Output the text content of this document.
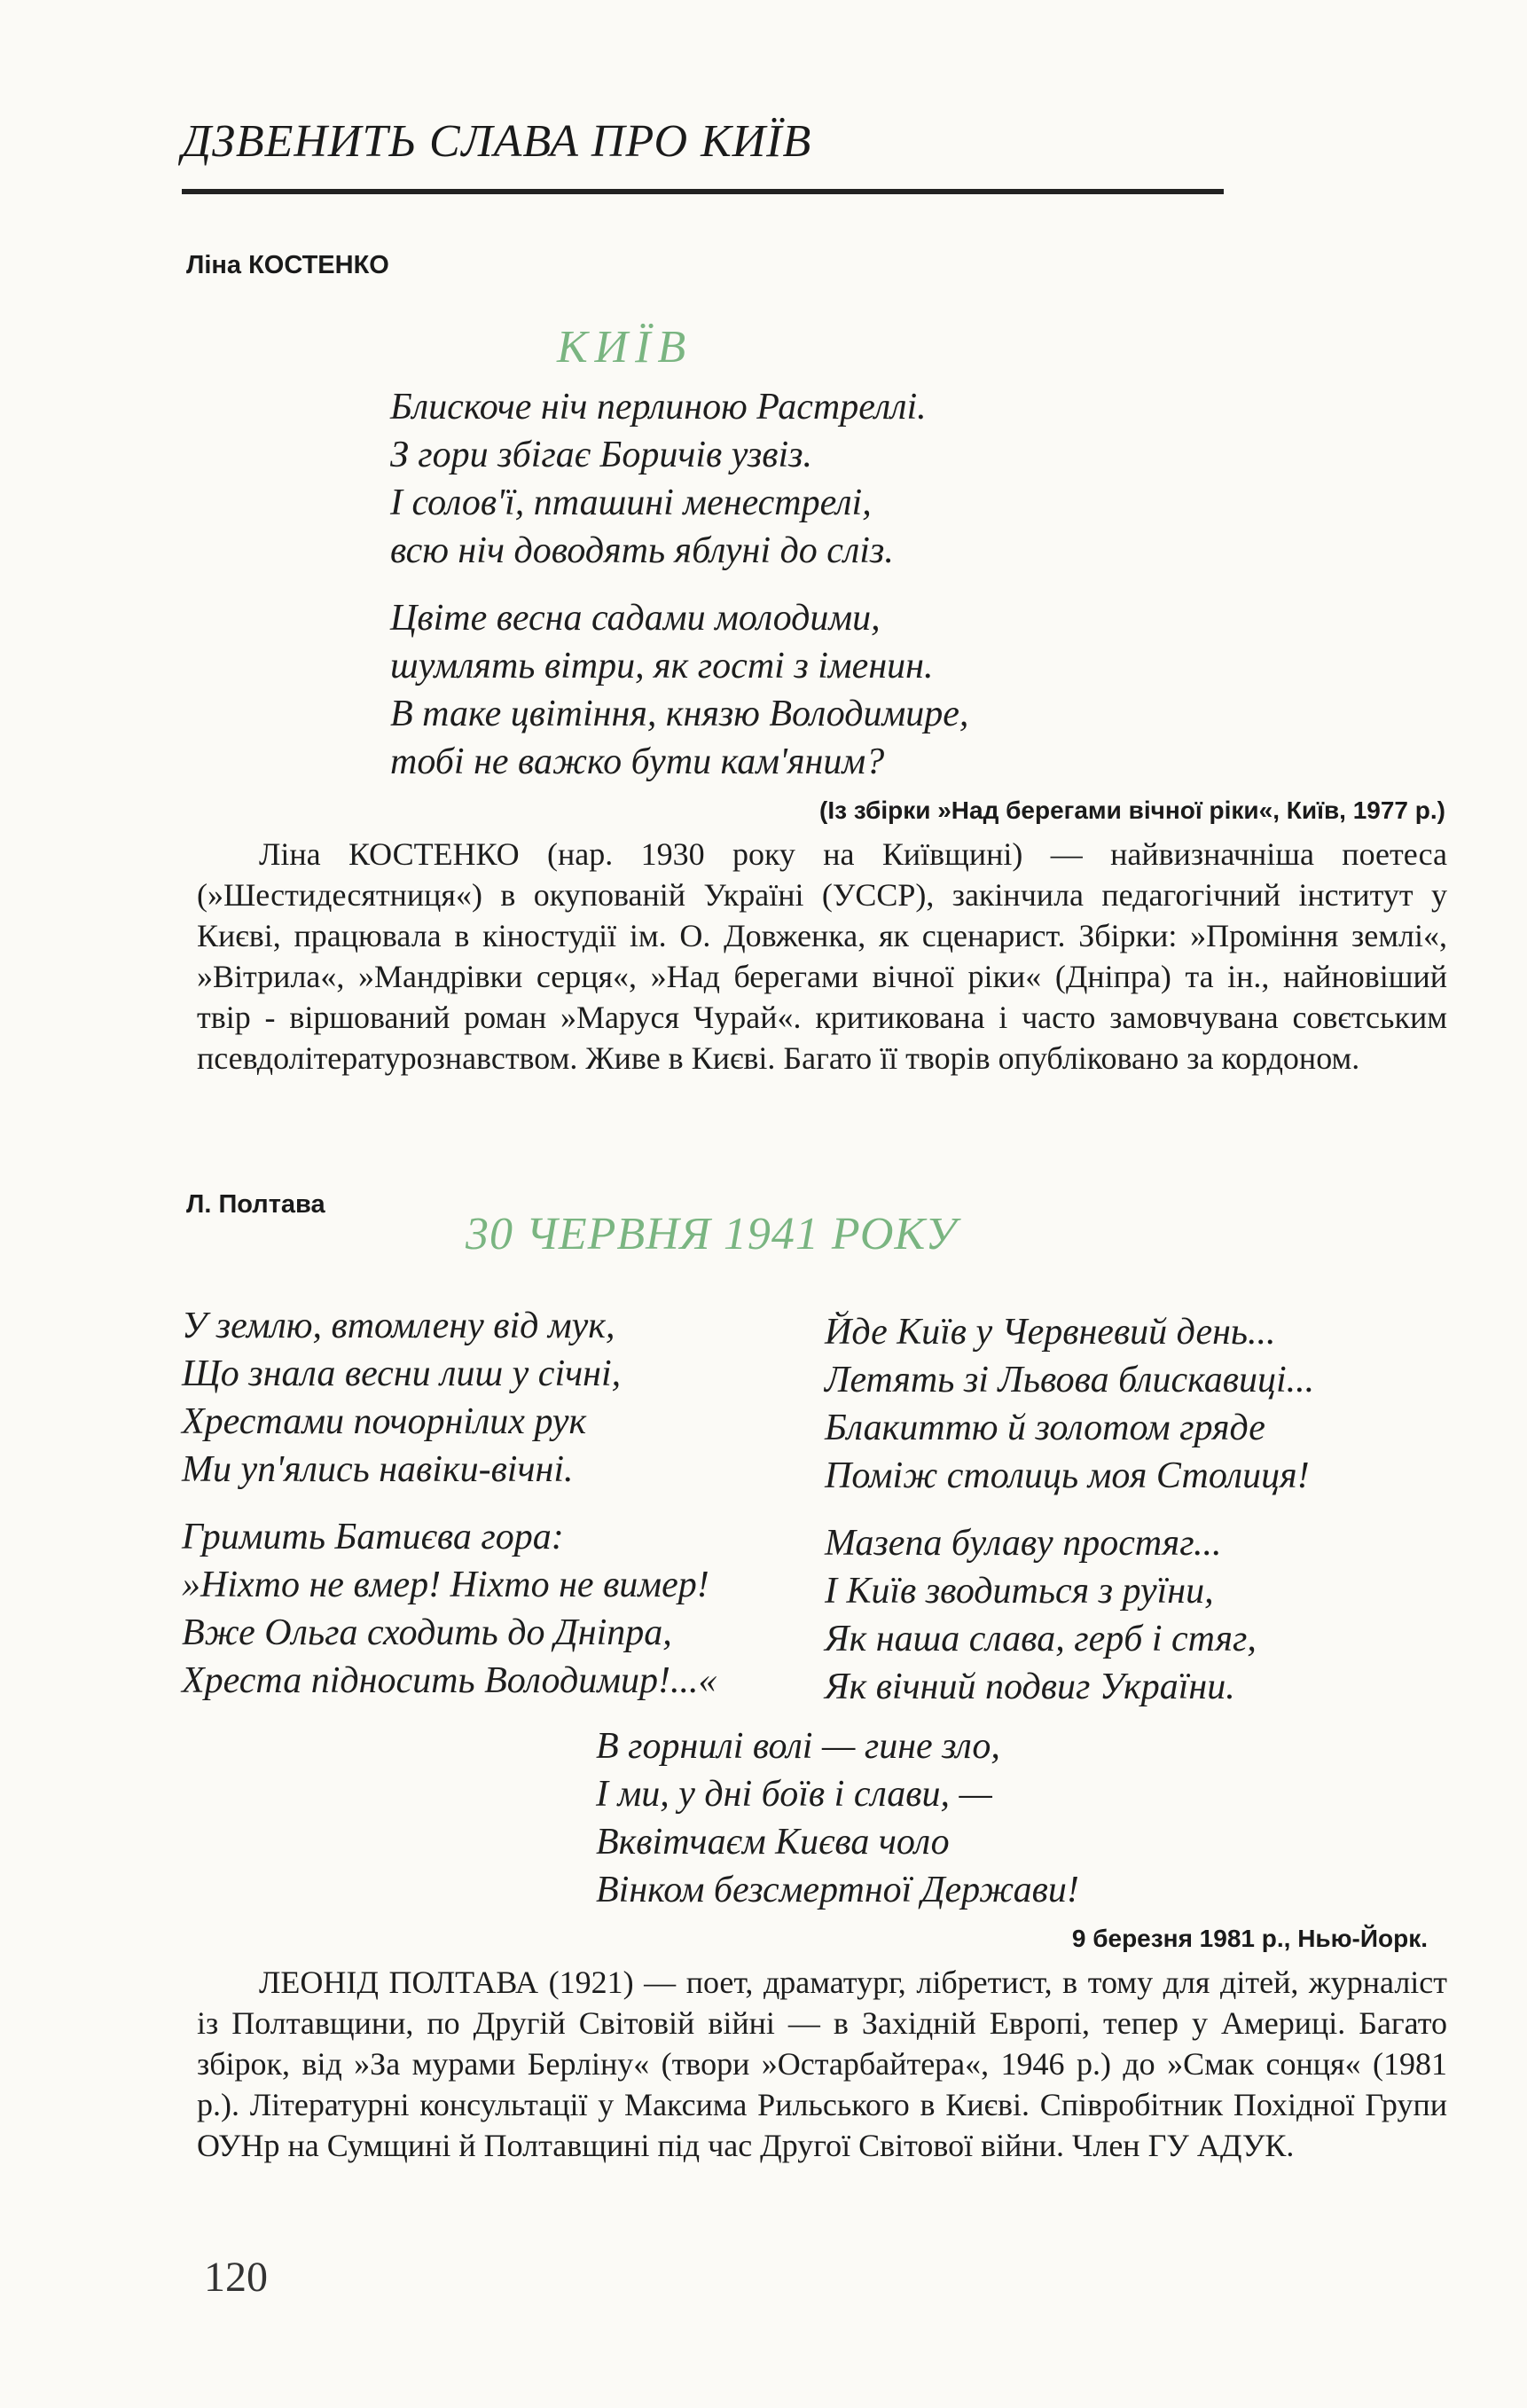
ДЗВЕНИТЬ СЛАВА ПРО КИЇВ
Ліна КОСТЕНКО
КИЇВ
Блискоче ніч перлиною Растреллі.
З гори збігає Боричів узвіз.
І солов'ї, пташині менестрелі,
всю ніч доводять яблуні до сліз.
Цвіте весна садами молодими,
шумлять вітри, як гості з іменин.
В таке цвітіння, князю Володимире,
тобі не важко бути кам'яним?
(Із збірки »Над берегами вічної ріки«, Київ, 1977 р.)

Ліна КОСТЕНКО (нар. 1930 року на Київщині) — найвизначніша поетеса (»Шестидесятниця«) в окупованій Україні (УССР), закінчила педагогічний інститут у Києві, працювала в кіностудії ім. О. Довженка, як сценарист. Збірки: »Проміння землі«, »Вітрила«, »Мандрівки серця«, »Над берегами вічної ріки« (Дніпра) та ін., найновіший твір - віршований роман »Маруся Чурай«. критикована і часто замовчувана совєтським псевдолітературознавством. Живе в Києві. Багато її творів опубліковано за кордоном.

Л. Полтава
30 ЧЕРВНЯ 1941 РОКУ
У землю, втомлену від мук,
Що знала весни лиш у січні,
Хрестами почорнілих рук
Ми уп'ялись навіки-вічні.
Гримить Батиєва гора:
»Ніхто не вмер! Ніхто не вимер!
Вже Ольга сходить до Дніпра,
Хреста підносить Володимир!...«
Йде Київ у Червневий день...
Летять зі Львова блискавиці...
Блакиттю й золотом гряде
Поміж столиць моя Столиця!
Мазепа булаву простяг...
І Київ зводиться з руїни,
Як наша слава, герб і стяг,
Як вічний подвиг України.
В горнилі волі — гине зло,
І ми, у дні боїв і слави, —
Вквітчаєм Києва чоло
Вінком безсмертної Держави!
9 березня 1981 р., Нью-Йорк.

ЛЕОНІД ПОЛТАВА (1921) — поет, драматург, лібретист, в тому для дітей, журналіст із Полтавщини, по Другій Світовій війні — в Західній Европі, тепер у Америці. Багато збірок, від »За мурами Берліну« (твори »Остарбайтера«, 1946 р.) до »Смак сонця« (1981 р.). Літературні консультації у Максима Рильського в Києві. Співробітник Похідної Групи ОУНр на Сумщині й Полтавщині під час Другої Світової війни. Член ГУ АДУК.

120
